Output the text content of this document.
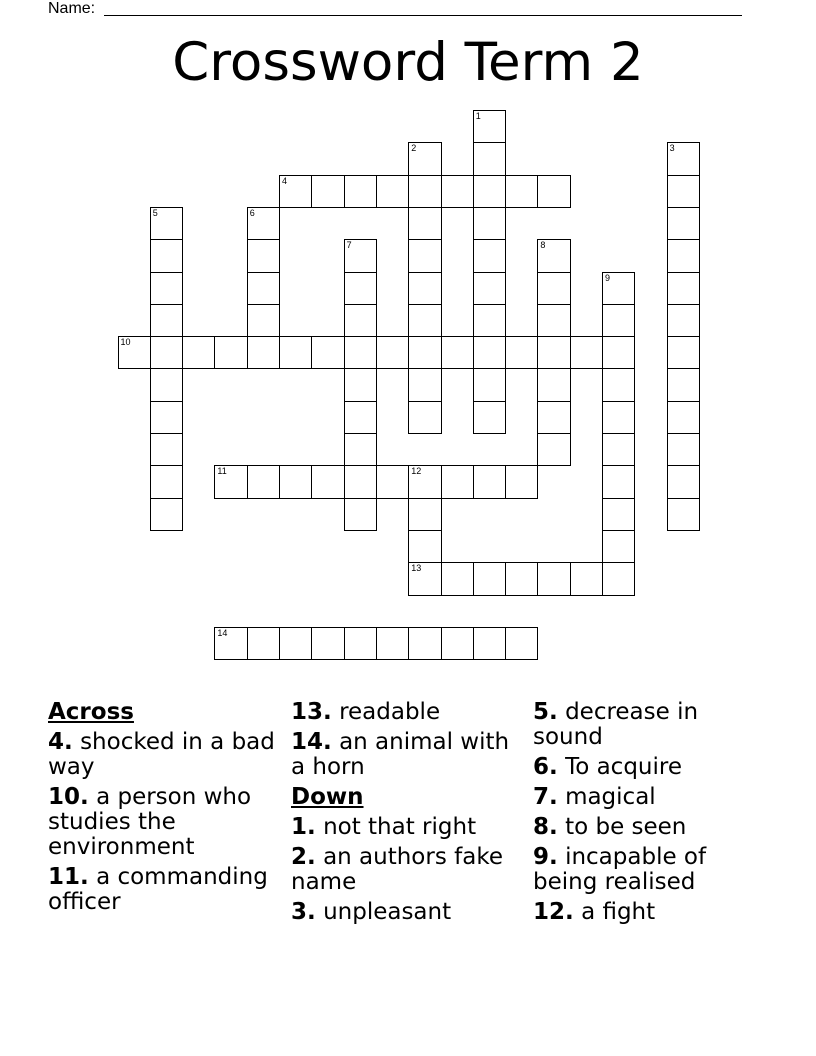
Name:
Crossword Term 2
1
2	3
4
5	6
7	8
9
10
11	12
13
14
Across
4. shocked in a bad way
10. a person who studies the environment
11. a commanding officer
13. readable
14. an animal with a horn
Down
1. not that right
2. an authors fake name
3. unpleasant
5. decrease in sound
6. To acquire
7. magical
8. to be seen
9. incapable of being realised
12. a fight
